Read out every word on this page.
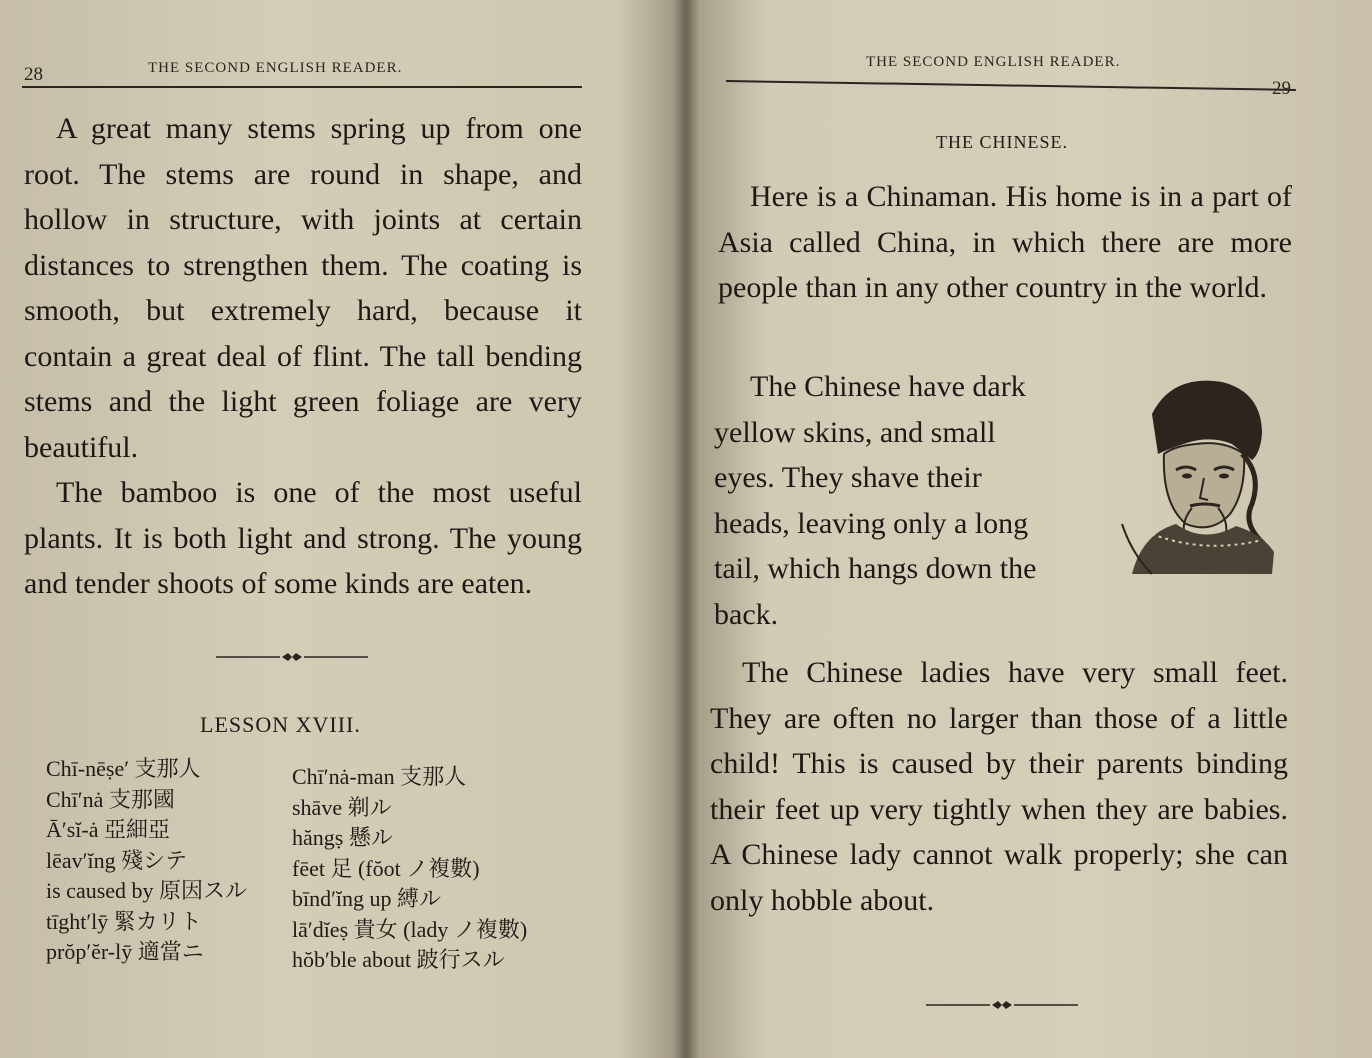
28	THE SECOND ENGLISH READER.

A great many stems spring up from one root. The stems are round in shape, and hollow in structure, with joints at certain distances to strengthen them. The coating is smooth, but extremely hard, because it contain a great deal of flint. The tall bending stems and the light green foliage are very beautiful.

The bamboo is one of the most useful plants. It is both light and strong. The young and tender shoots of some kinds are eaten.

LESSON XVIII.
Chī-nēṣe′ 支那人
Chī′nȧ 支那國
Ā′sĭ-ȧ 亞細亞
lēav′ĭng 殘シテ
is caused by 原因スル
tīght′lȳ 緊カリト
prŏp′ĕr-lȳ 適當ニ
Chī′nȧ-man 支那人
shāve 剃ル
hăngṣ 懸ル
fēet 足 (fŏot ノ複數)
bīnd′ĭng up 縛ル
lā′dĭeṣ 貴女 (lady ノ複數)
hŏb′ble about 跛行スル
THE SECOND ENGLISH READER.
29
THE CHINESE.

Here is a Chinaman. His home is in a part of Asia called China, in which there are more people than in any other country in the world.

The Chinese have dark
yellow skins, and small
eyes. They shave their
heads, leaving only a long
tail, which hangs down the
back.

The Chinese ladies have very small feet. They are often no larger than those of a little child! This is caused by their parents binding their feet up very tightly when they are babies. A Chinese lady cannot walk properly; she can only hobble about.
